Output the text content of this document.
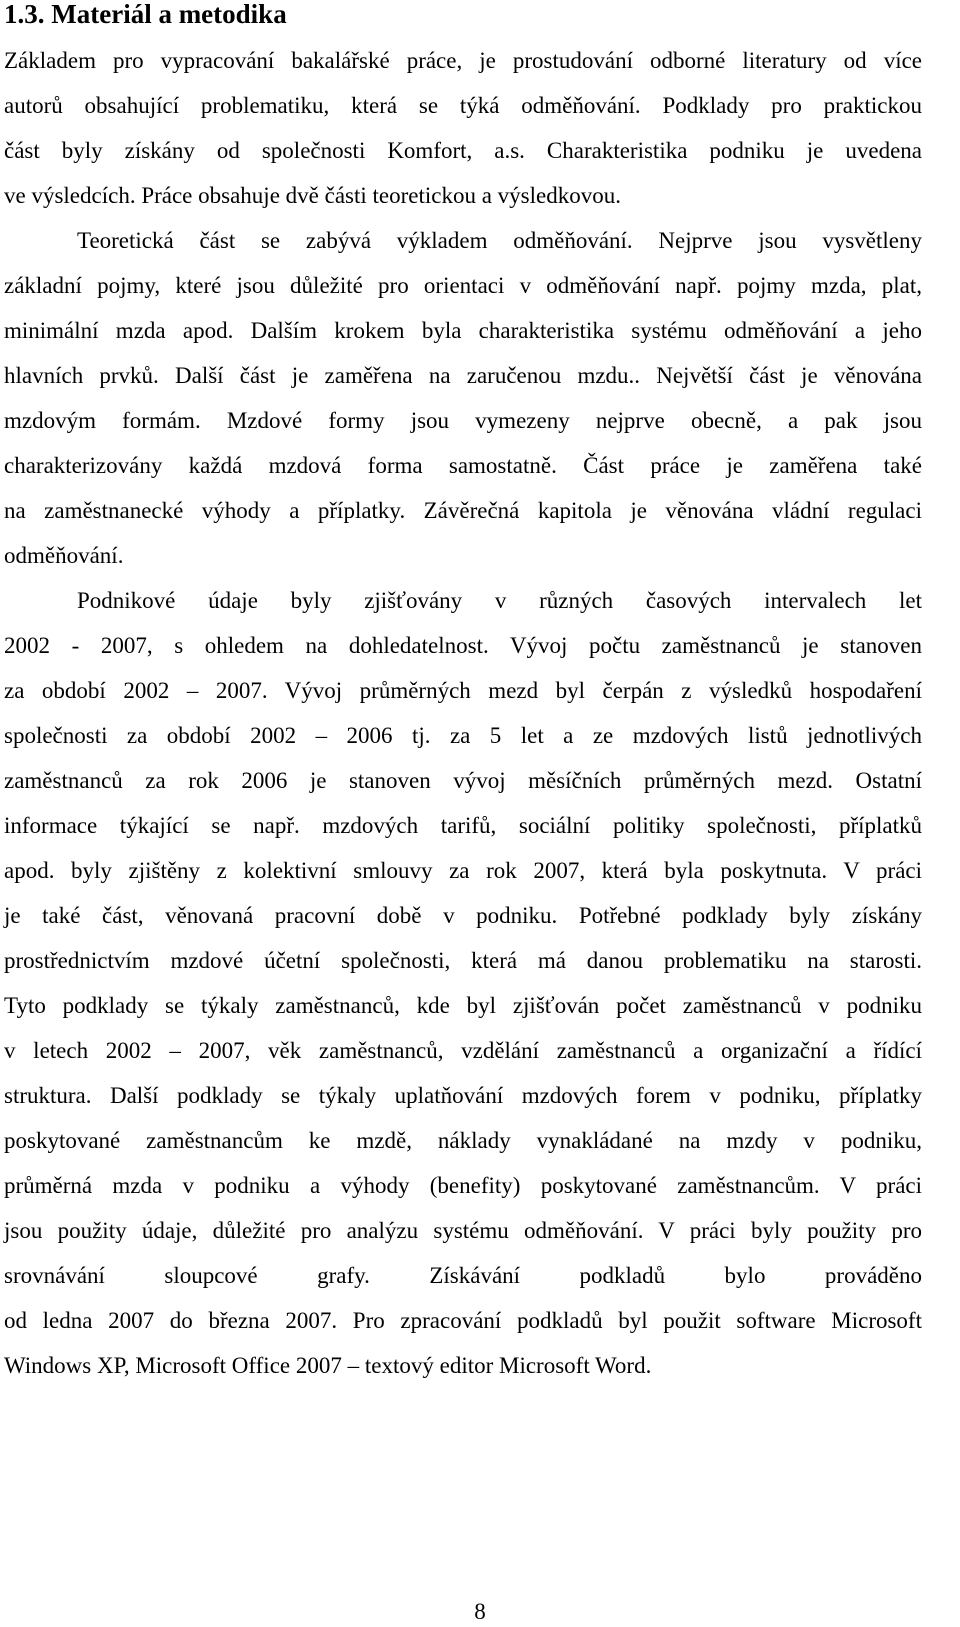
1.3. Materiál a metodika
Základem pro vypracování bakalářské práce, je prostudování odborné literatury od více
autorů obsahující problematiku, která se týká odměňování. Podklady pro praktickou
část byly získány od společnosti Komfort, a.s. Charakteristika podniku je uvedena
ve výsledcích. Práce obsahuje dvě části teoretickou a výsledkovou.
Teoretická část se zabývá výkladem odměňování. Nejprve jsou vysvětleny
základní pojmy, které jsou důležité pro orientaci v odměňování např. pojmy mzda, plat,
minimální mzda apod. Dalším krokem byla charakteristika systému odměňování a jeho
hlavních prvků. Další část je zaměřena na zaručenou mzdu.. Největší část je věnována
mzdovým formám. Mzdové formy jsou vymezeny nejprve obecně, a pak jsou
charakterizovány každá mzdová forma samostatně. Část práce je zaměřena také
na zaměstnanecké výhody a příplatky. Závěrečná kapitola je věnována vládní regulaci
odměňování.
Podnikové údaje byly zjišťovány v různých časových intervalech let
2002 - 2007, s ohledem na dohledatelnost. Vývoj počtu zaměstnanců je stanoven
za období 2002 – 2007. Vývoj průměrných mezd byl čerpán z výsledků hospodaření
společnosti za období 2002 – 2006 tj. za 5 let a ze mzdových listů jednotlivých
zaměstnanců za rok 2006 je stanoven vývoj měsíčních průměrných mezd. Ostatní
informace týkající se např. mzdových tarifů, sociální politiky společnosti, příplatků
apod. byly zjištěny z kolektivní smlouvy za rok 2007, která byla poskytnuta. V práci
je také část, věnovaná pracovní době v podniku. Potřebné podklady byly získány
prostřednictvím mzdové účetní společnosti, která má danou problematiku na starosti.
Tyto podklady se týkaly zaměstnanců, kde byl zjišťován počet zaměstnanců v podniku
v letech 2002 – 2007, věk zaměstnanců, vzdělání zaměstnanců a organizační a řídící
struktura. Další podklady se týkaly uplatňování mzdových forem v podniku, příplatky
poskytované zaměstnancům ke mzdě, náklady vynakládané na mzdy v podniku,
průměrná mzda v podniku a výhody (benefity) poskytované zaměstnancům. V práci
jsou použity údaje, důležité pro analýzu systému odměňování. V práci byly použity pro
srovnávání sloupcové grafy. Získávání podkladů bylo prováděno
od ledna 2007 do března 2007. Pro zpracování podkladů byl použit software Microsoft
Windows XP, Microsoft Office 2007 – textový editor Microsoft Word.
8
